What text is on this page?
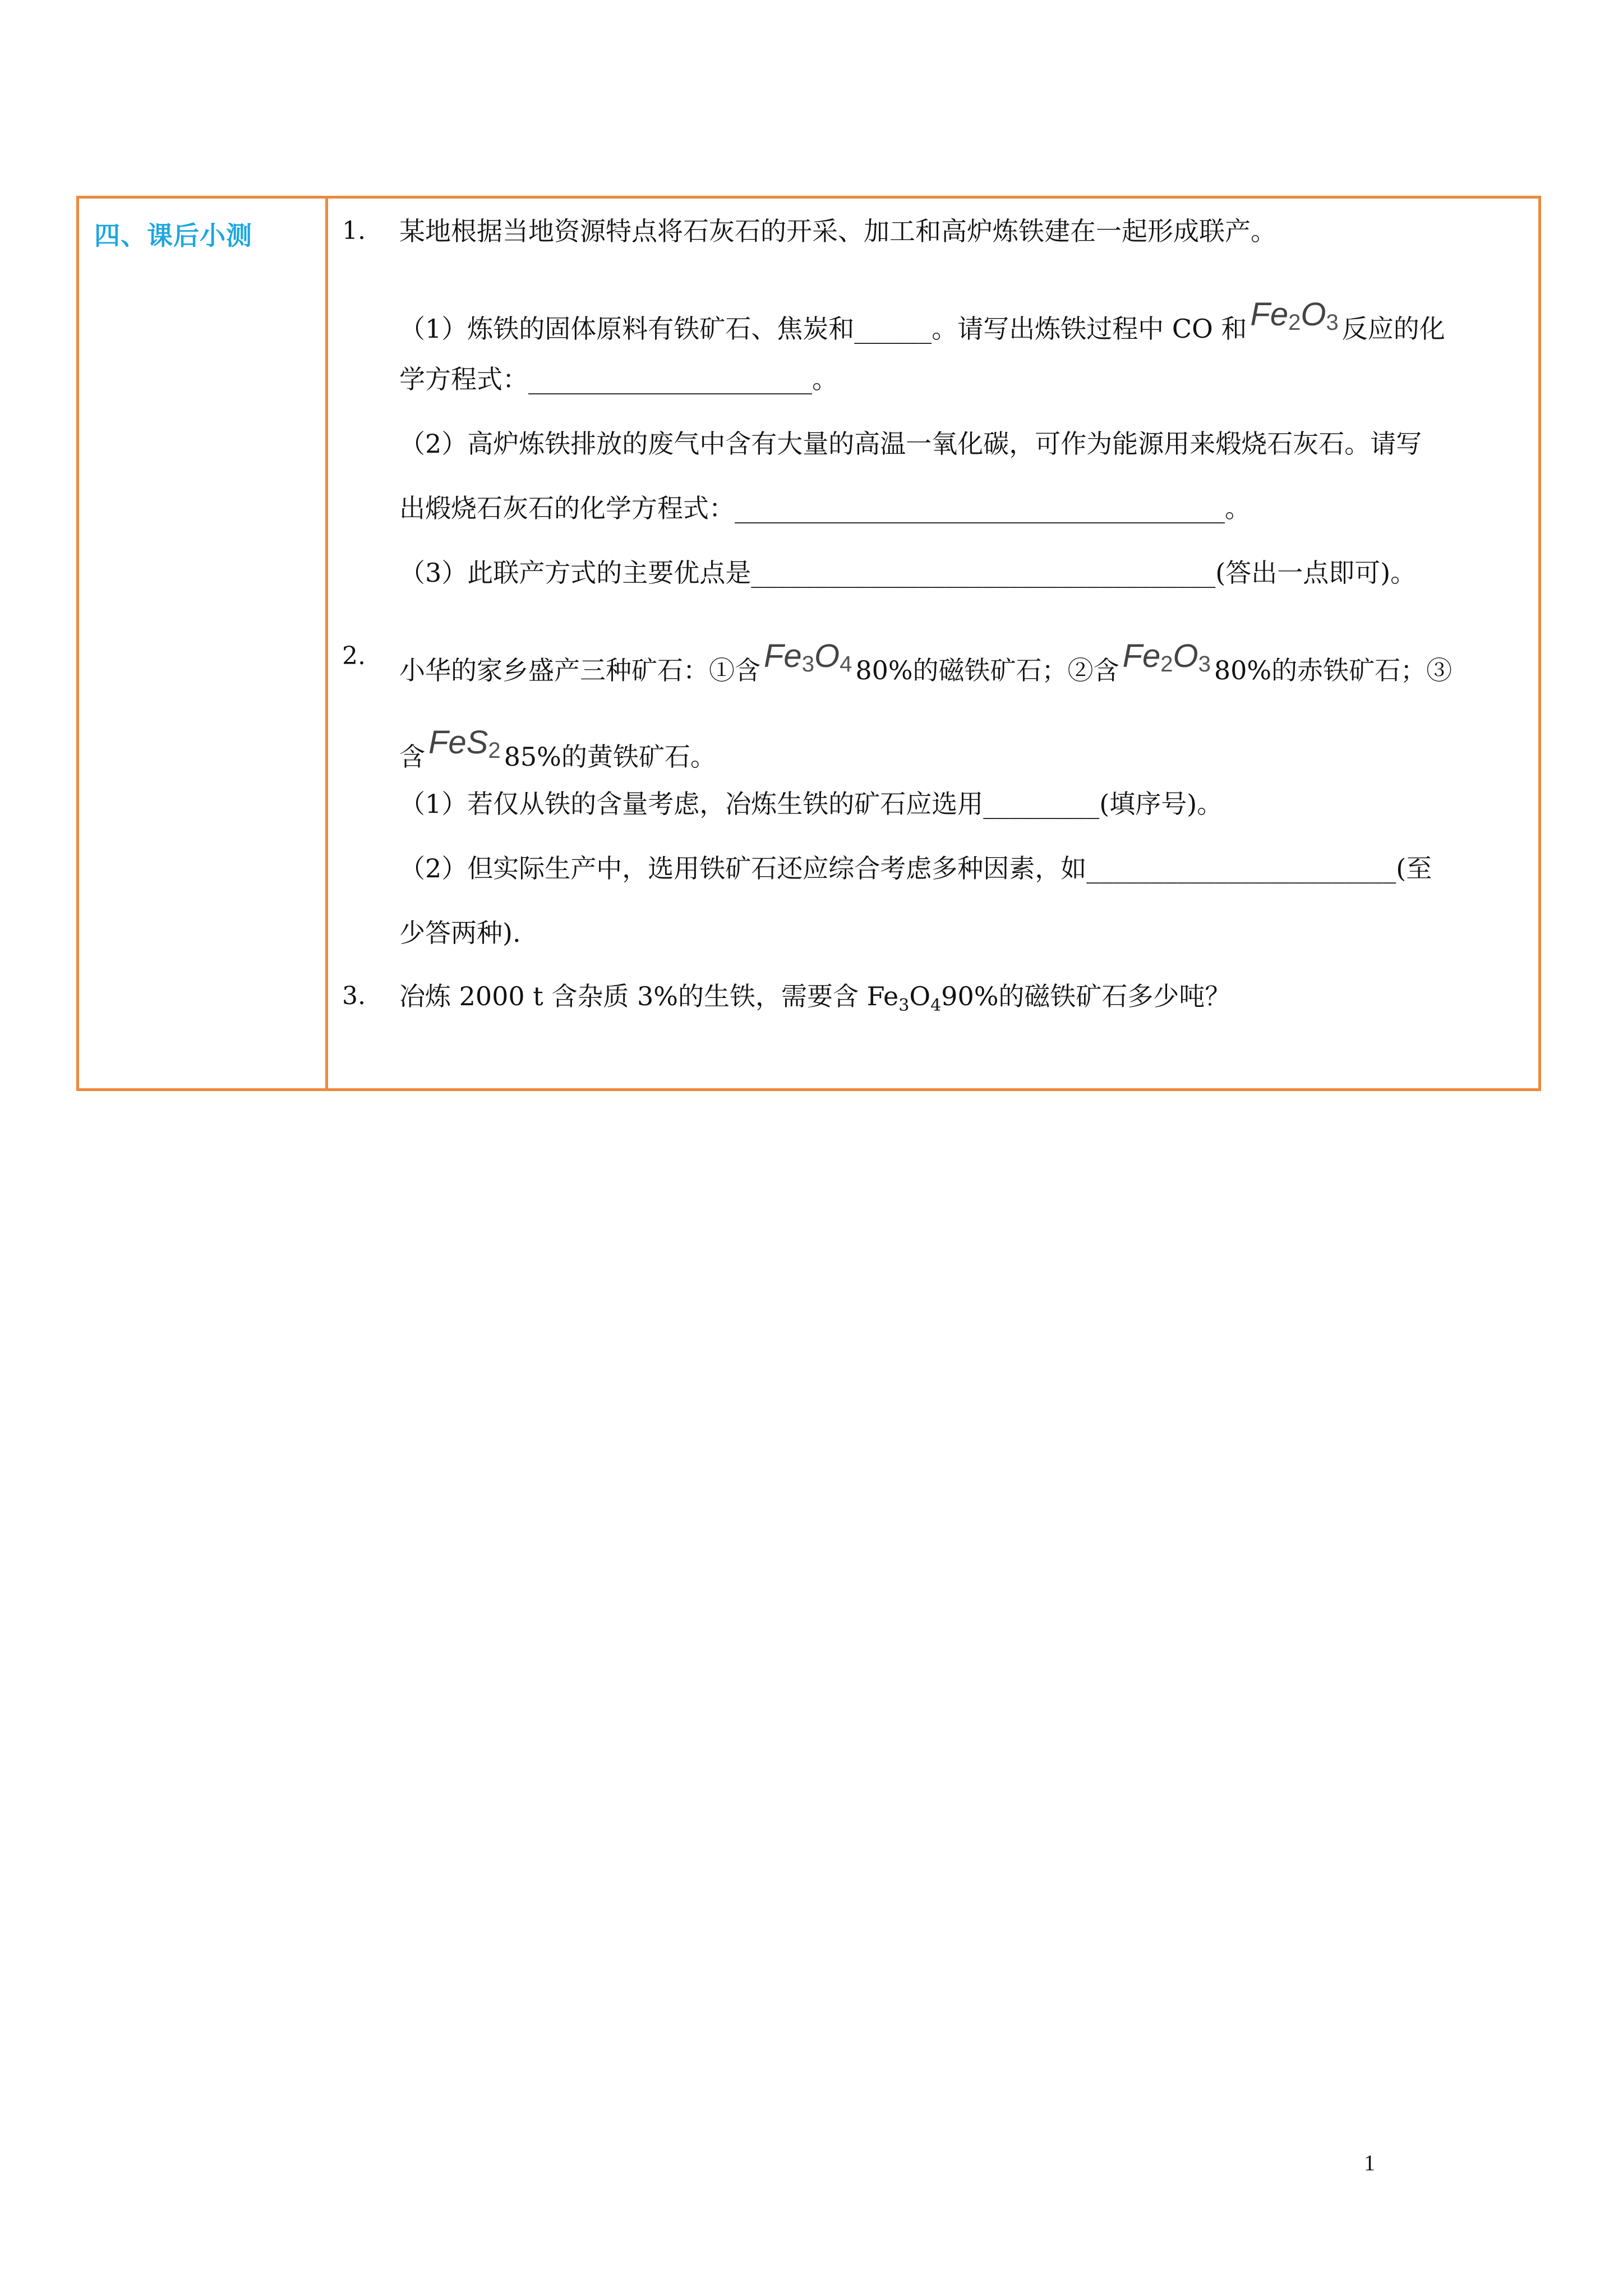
四、课后小测	1. 某地根据当地资源特点将石灰石的开采、加工和高炉炼铁建在一起形成联产。
（1）炼铁的固体原料有铁矿石、焦炭和______。请写出炼铁过程中 CO 和 $Fe_2O_3$ 反应的化
学方程式：______________________。
（2）高炉炼铁排放的废气中含有大量的高温一氧化碳，可作为能源用来煅烧石灰石。请写
出煅烧石灰石的化学方程式：______________________________________。
（3）此联产方式的主要优点是____________________________________(答出一点即可)。
2. 小华的家乡盛产三种矿石：①含 $Fe_3O_4$ 80%的磁铁矿石；②含 $Fe_2O_3$ 80%的赤铁矿石；③
含 FeS$_2$ 85%的黄铁矿石。
（1）若仅从铁的含量考虑，冶炼生铁的矿石应选用_________(填序号)。
（2）但实际生产中，选用铁矿石还应综合考虑多种因素，如________________________(至
少答两种).
3. 冶炼 2000 t 含杂质 3%的生铁，需要含 $Fe_3O_490\%$的磁铁矿石多少吨？
1
